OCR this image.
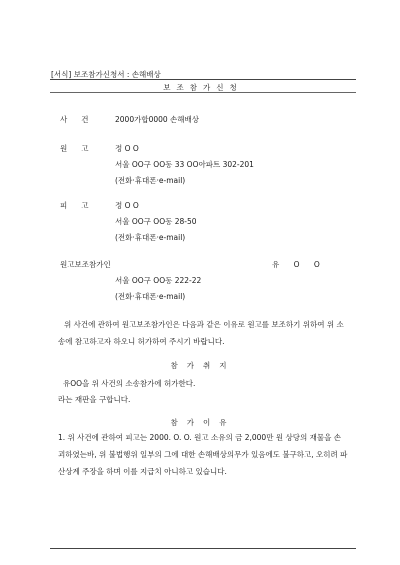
[서식] 보조참가신청서 : 손해배상
보조참가신청
사건 2000가합0000 손해배상
원고 정 O O
서울 OO구 OO동 33 OO아파트 302-201
(전화·휴대폰·e-mail)
피고 정 O O
서울 OO구 OO동 28-50
(전화·휴대폰·e-mail)
원고보조참가인	유 O O
서울 OO구 OO동 222-22
(전화·휴대폰·e-mail)
위 사건에 관하여 원고보조참가인은 다음과 같은 이유로 원고를 보조하기 위하여 위 소송에 참고하고자 하오니 허가하여 주시기 바랍니다.
참가취지
유OO을 위 사건의 소송참가에 허가한다.
라는 재판을 구합니다.
참가이유
1. 위 사건에 관하여 피고는 2000. O. O. 원고 소유의 금 2,000만 원 상당의 재물을 손괴하였는바, 위 불법행위 일부의 그에 대한 손해배상의무가 있음에도 불구하고, 오히려 파산상계 주장을 하며 이를 지급치 아니하고 있습니다.
